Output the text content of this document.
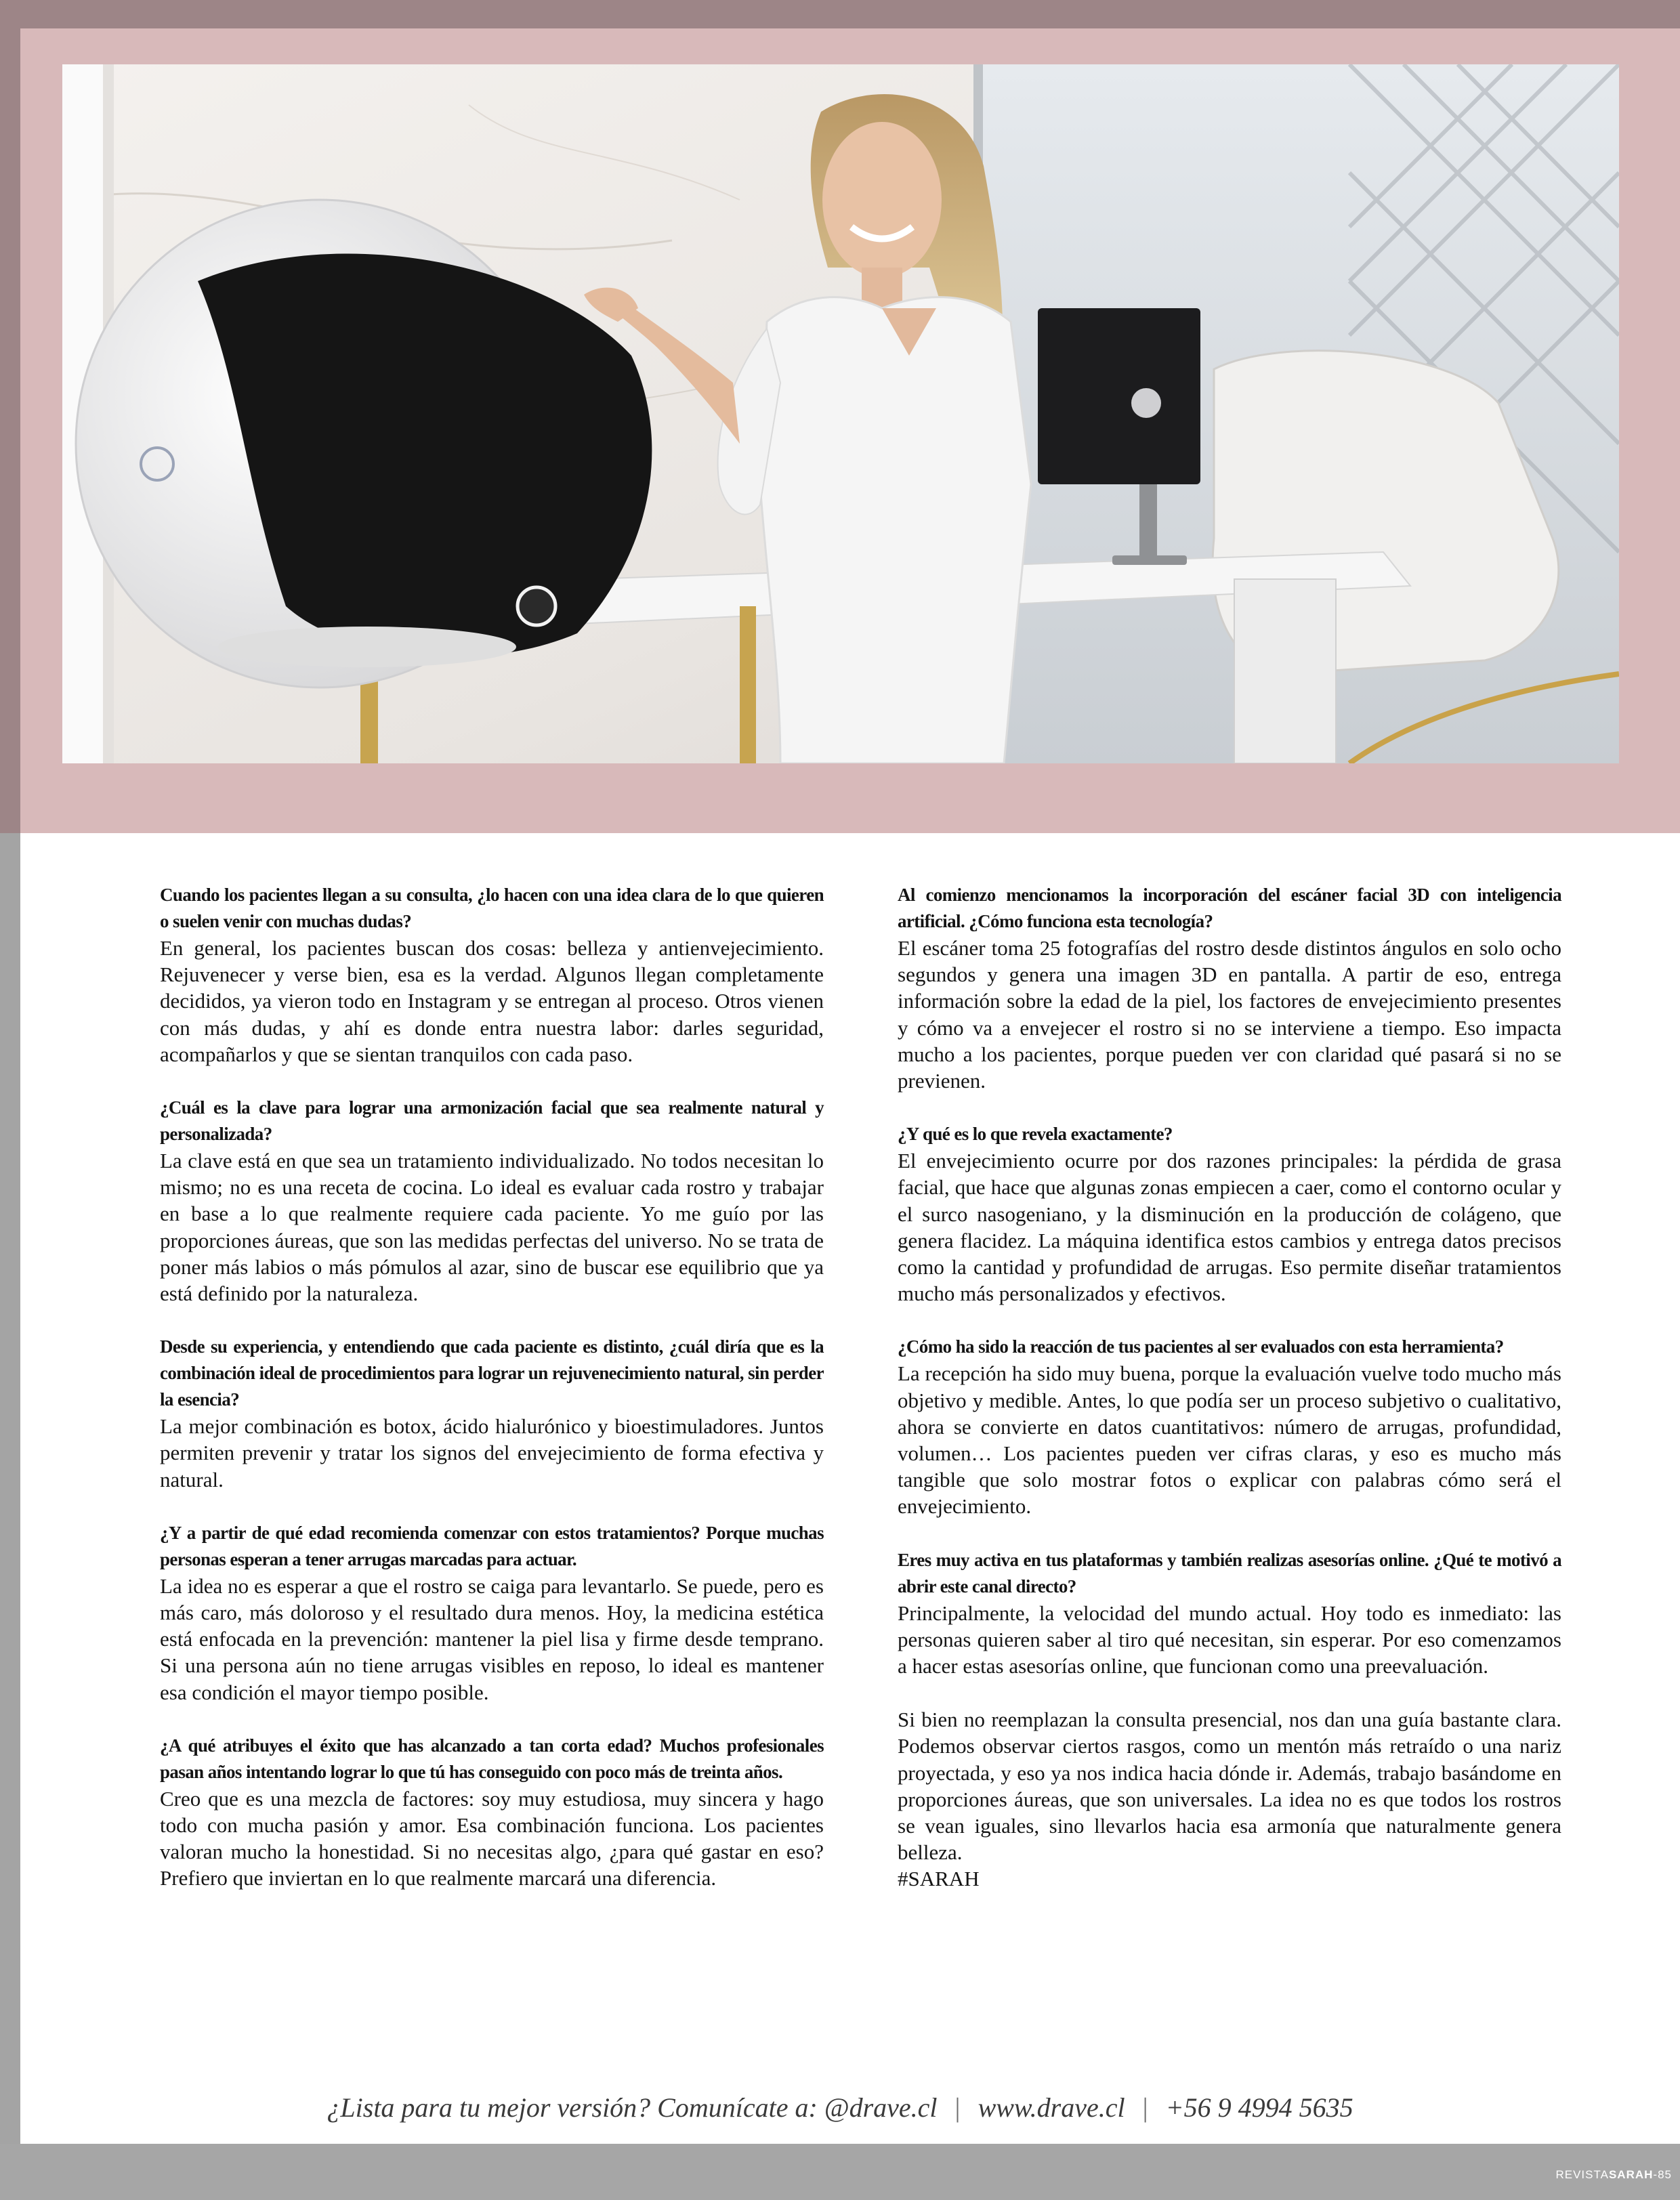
Cuando los pacientes llegan a su consulta, ¿lo hacen con una idea clara de lo que quieren o suelen venir con muchas dudas?
En general, los pacientes buscan dos cosas: belleza y antienvejecimiento. Rejuvenecer y verse bien, esa es la verdad. Algunos llegan completamente decididos, ya vieron todo en Instagram y se entregan al proceso. Otros vienen con más dudas, y ahí es donde entra nuestra labor: darles seguridad, acompañarlos y que se sientan tranquilos con cada paso.
¿Cuál es la clave para lograr una armonización facial que sea realmente natural y personalizada?
La clave está en que sea un tratamiento individualizado. No todos necesitan lo mismo; no es una receta de cocina. Lo ideal es evaluar cada rostro y trabajar en base a lo que realmente requiere cada paciente. Yo me guío por las proporciones áureas, que son las medidas perfectas del universo. No se trata de poner más labios o más pómulos al azar, sino de buscar ese equilibrio que ya está definido por la naturaleza.
Desde su experiencia, y entendiendo que cada paciente es distinto, ¿cuál diría que es la combinación ideal de procedimientos para lograr un rejuvenecimiento natural, sin perder la esencia?
La mejor combinación es botox, ácido hialurónico y bioestimuladores. Juntos permiten prevenir y tratar los signos del envejecimiento de forma efectiva y natural.
¿Y a partir de qué edad recomienda comenzar con estos tratamientos? Porque muchas personas esperan a tener arrugas marcadas para actuar.
La idea no es esperar a que el rostro se caiga para levantarlo. Se puede, pero es más caro, más doloroso y el resultado dura menos. Hoy, la medicina estética está enfocada en la prevención: mantener la piel lisa y firme desde temprano. Si una persona aún no tiene arrugas visibles en reposo, lo ideal es mantener esa condición el mayor tiempo posible.
¿A qué atribuyes el éxito que has alcanzado a tan corta edad? Muchos profesionales pasan años intentando lograr lo que tú has conseguido con poco más de treinta años.
Creo que es una mezcla de factores: soy muy estudiosa, muy sincera y hago todo con mucha pasión y amor. Esa combinación funciona. Los pacientes valoran mucho la honestidad. Si no necesitas algo, ¿para qué gastar en eso? Prefiero que inviertan en lo que realmente marcará una diferencia.
Al comienzo mencionamos la incorporación del escáner facial 3D con inteligencia artificial. ¿Cómo funciona esta tecnología?
El escáner toma 25 fotografías del rostro desde distintos ángulos en solo ocho segundos y genera una imagen 3D en pantalla. A partir de eso, entrega información sobre la edad de la piel, los factores de envejecimiento presentes y cómo va a envejecer el rostro si no se interviene a tiempo. Eso impacta mucho a los pacientes, porque pueden ver con claridad qué pasará si no se previenen.
¿Y qué es lo que revela exactamente?
El envejecimiento ocurre por dos razones principales: la pérdida de grasa facial, que hace que algunas zonas empiecen a caer, como el contorno ocular y el surco nasogeniano, y la disminución en la producción de colágeno, que genera flacidez. La máquina identifica estos cambios y entrega datos precisos como la cantidad y profundidad de arrugas. Eso permite diseñar tratamientos mucho más personalizados y efectivos.
¿Cómo ha sido la reacción de tus pacientes al ser evaluados con esta herramienta?
La recepción ha sido muy buena, porque la evaluación vuelve todo mucho más objetivo y medible. Antes, lo que podía ser un proceso subjetivo o cualitativo, ahora se convierte en datos cuantitativos: número de arrugas, profundidad, volumen… Los pacientes pueden ver cifras claras, y eso es mucho más tangible que solo mostrar fotos o explicar con palabras cómo será el envejecimiento.
Eres muy activa en tus plataformas y también realizas asesorías online. ¿Qué te motivó a abrir este canal directo?
Principalmente, la velocidad del mundo actual. Hoy todo es inmediato: las personas quieren saber al tiro qué necesitan, sin esperar. Por eso comenzamos a hacer estas asesorías online, que funcionan como una preevaluación.
Si bien no reemplazan la consulta presencial, nos dan una guía bastante clara. Podemos observar ciertos rasgos, como un mentón más retraído o una nariz proyectada, y eso ya nos indica hacia dónde ir. Además, trabajo basándome en proporciones áureas, que son universales. La idea no es que todos los rostros se vean iguales, sino llevarlos hacia esa armonía que naturalmente genera belleza.
#SARAH
¿Lista para tu mejor versión? Comunícate a: @drave.cl | www.drave.cl | +56 9 4994 5635
REVISTASARAH-85
